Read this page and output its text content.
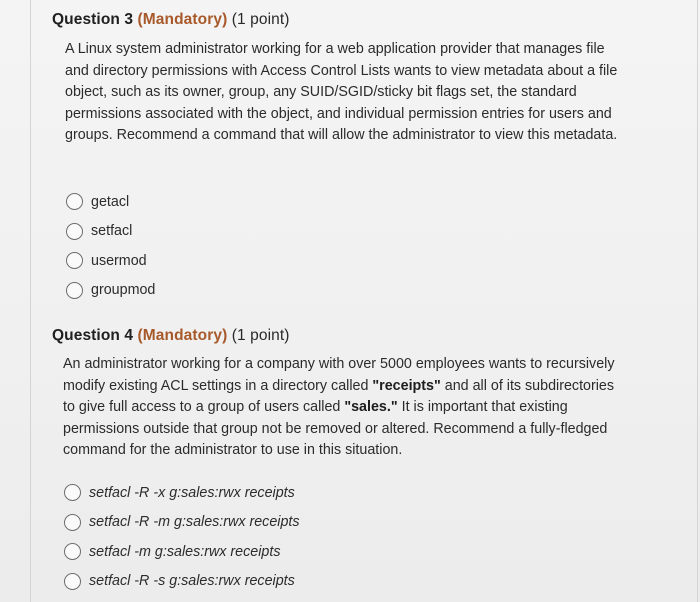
Question 3 (Mandatory) (1 point)
A Linux system administrator working for a web application provider that manages file and directory permissions with Access Control Lists wants to view metadata about a file object, such as its owner, group, any SUID/SGID/sticky bit flags set, the standard permissions associated with the object, and individual permission entries for users and groups. Recommend a command that will allow the administrator to view this metadata.
getacl
setfacl
usermod
groupmod
Question 4 (Mandatory) (1 point)
An administrator working for a company with over 5000 employees wants to recursively modify existing ACL settings in a directory called "receipts" and all of its subdirectories to give full access to a group of users called "sales." It is important that existing permissions outside that group not be removed or altered. Recommend a fully-fledged command for the administrator to use in this situation.
setfacl -R -x g:sales:rwx receipts
setfacl -R -m g:sales:rwx receipts
setfacl -m g:sales:rwx receipts
setfacl -R -s g:sales:rwx receipts
